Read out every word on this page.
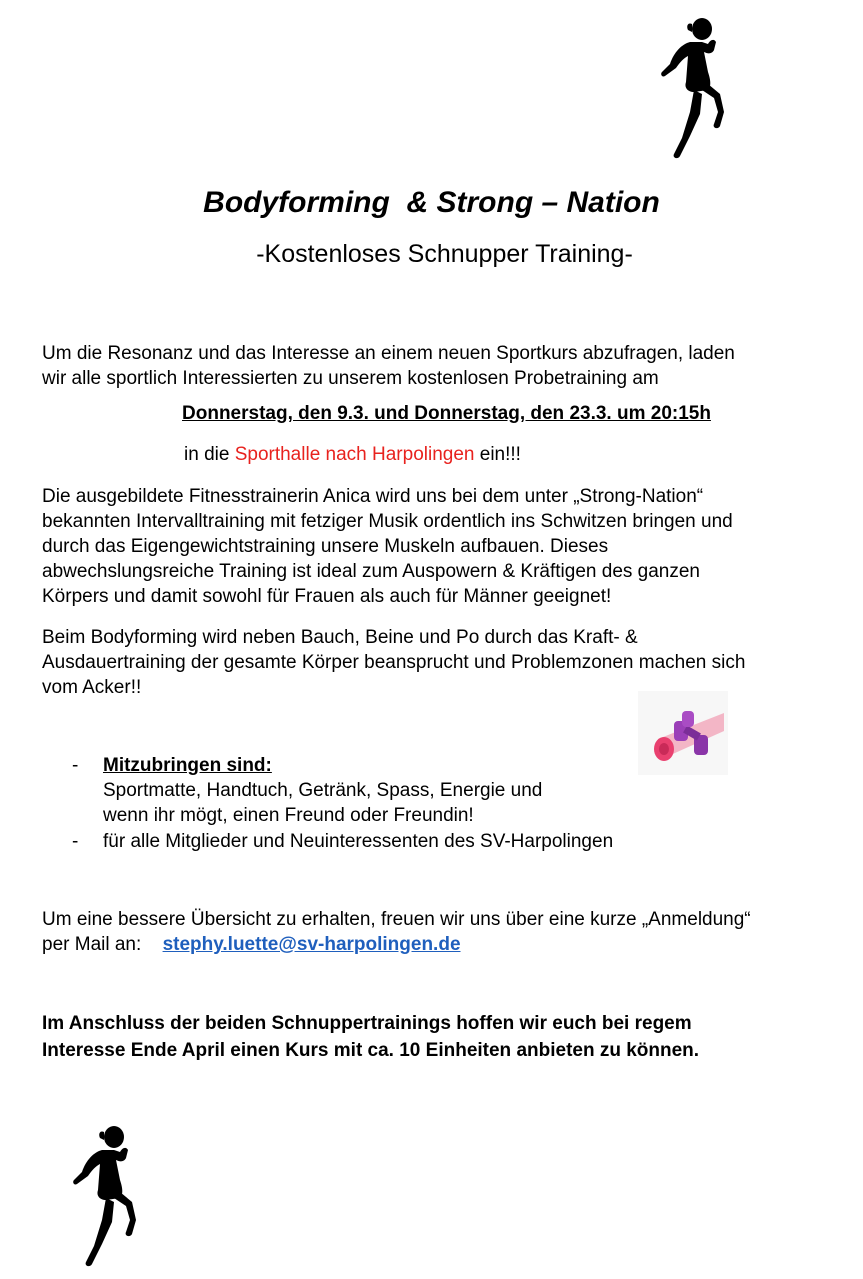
Bodyforming  & Strong – Nation
-Kostenloses Schnupper Training-
Um die Resonanz und das Interesse an einem neuen Sportkurs abzufragen, laden
wir alle sportlich Interessierten zu unserem kostenlosen Probetraining am
Donnerstag, den 9.3. und Donnerstag, den 23.3. um 20:15h
in die Sporthalle nach Harpolingen ein!!!
Die ausgebildete Fitnesstrainerin Anica wird uns bei dem unter „Strong-Nation“
bekannten Intervalltraining mit fetziger Musik ordentlich ins Schwitzen bringen und
durch das Eigengewichtstraining unsere Muskeln aufbauen. Dieses
abwechslungsreiche Training ist ideal zum Auspowern & Kräftigen des ganzen
Körpers und damit sowohl für Frauen als auch für Männer geeignet!
Beim Bodyforming wird neben Bauch, Beine und Po durch das Kraft- &
Ausdauertraining der gesamte Körper beansprucht und Problemzonen machen sich
vom Acker!!
- Mitzubringen sind:
Sportmatte, Handtuch, Getränk, Spass, Energie und
wenn ihr mögt, einen Freund oder Freundin!
- für alle Mitglieder und Neuinteressenten des SV-Harpolingen
Um eine bessere Übersicht zu erhalten, freuen wir uns über eine kurze „Anmeldung“
per Mail an: stephy.luette@sv-harpolingen.de
Im Anschluss der beiden Schnuppertrainings hoffen wir euch bei regem
Interesse Ende April einen Kurs mit ca. 10 Einheiten anbieten zu können.
